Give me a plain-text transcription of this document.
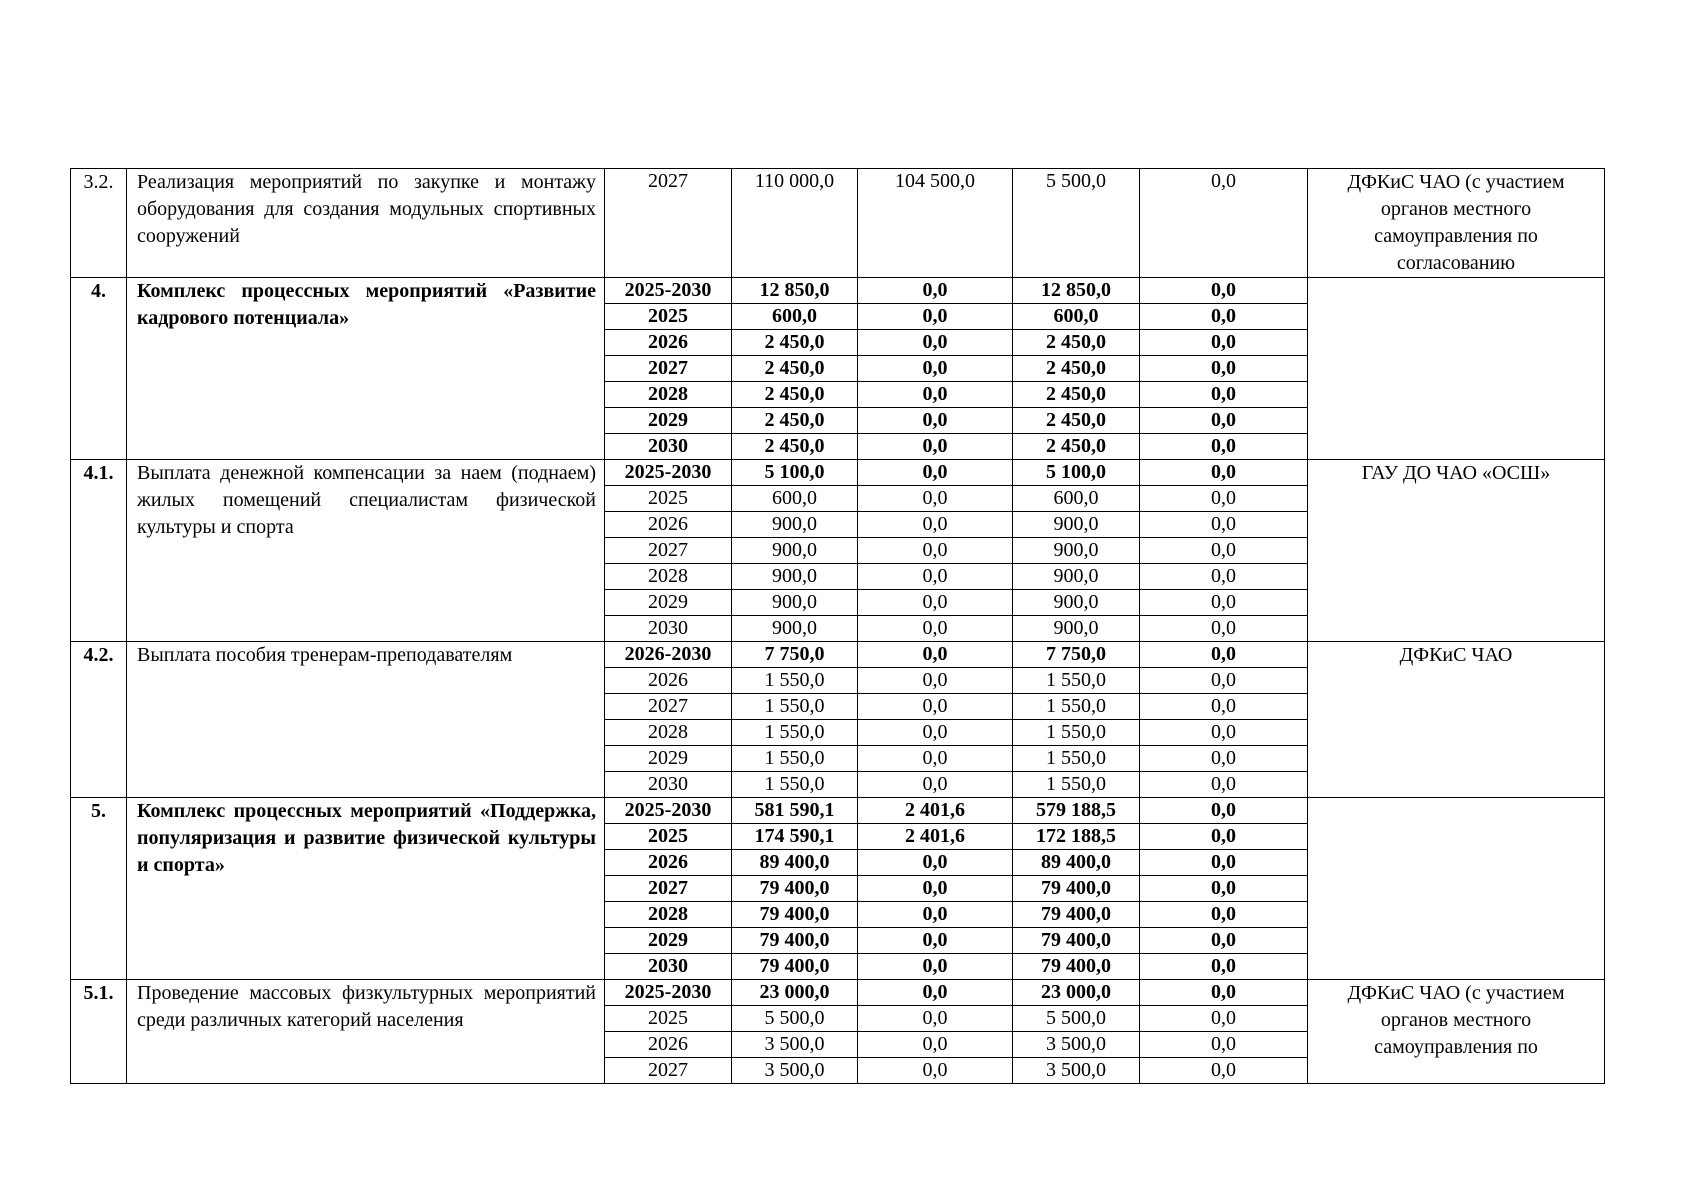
3.2.	Реализация мероприятий по закупке и монтажу оборудования для создания модульных спортивных сооружений	2027	110 000,0	104 500,0	5 500,0	0,0	ДФКиС ЧАО (с участием органов местного самоуправления по согласованию
4.	Комплекс процессных мероприятий «Развитие кадрового потенциала»	2025-2030	12 850,0	0,0	12 850,0	0,0	
		2025	600,0	0,0	600,0	0,0	
		2026	2 450,0	0,0	2 450,0	0,0	
		2027	2 450,0	0,0	2 450,0	0,0	
		2028	2 450,0	0,0	2 450,0	0,0	
		2029	2 450,0	0,0	2 450,0	0,0	
		2030	2 450,0	0,0	2 450,0	0,0	
4.1.	Выплата денежной компенсации за наем (поднаем) жилых помещений специалистам физической культуры и спорта	2025-2030	5 100,0	0,0	5 100,0	0,0	ГАУ ДО ЧАО «ОСШ»
		2025	600,0	0,0	600,0	0,0	
		2026	900,0	0,0	900,0	0,0	
		2027	900,0	0,0	900,0	0,0	
		2028	900,0	0,0	900,0	0,0	
		2029	900,0	0,0	900,0	0,0	
		2030	900,0	0,0	900,0	0,0	
4.2.	Выплата пособия тренерам-преподавателям	2026-2030	7 750,0	0,0	7 750,0	0,0	ДФКиС ЧАО
		2026	1 550,0	0,0	1 550,0	0,0	
		2027	1 550,0	0,0	1 550,0	0,0	
		2028	1 550,0	0,0	1 550,0	0,0	
		2029	1 550,0	0,0	1 550,0	0,0	
		2030	1 550,0	0,0	1 550,0	0,0	
5.	Комплекс процессных мероприятий «Поддержка, популяризация и развитие физической культуры и спорта»	2025-2030	581 590,1	2 401,6	579 188,5	0,0	
		2025	174 590,1	2 401,6	172 188,5	0,0	
		2026	89 400,0	0,0	89 400,0	0,0	
		2027	79 400,0	0,0	79 400,0	0,0	
		2028	79 400,0	0,0	79 400,0	0,0	
		2029	79 400,0	0,0	79 400,0	0,0	
		2030	79 400,0	0,0	79 400,0	0,0	
5.1.	Проведение массовых физкультурных мероприятий среди различных категорий населения	2025-2030	23 000,0	0,0	23 000,0	0,0	ДФКиС ЧАО (с участием органов местного самоуправления по
		2025	5 500,0	0,0	5 500,0	0,0	
		2026	3 500,0	0,0	3 500,0	0,0	
		2027	3 500,0	0,0	3 500,0	0,0	
